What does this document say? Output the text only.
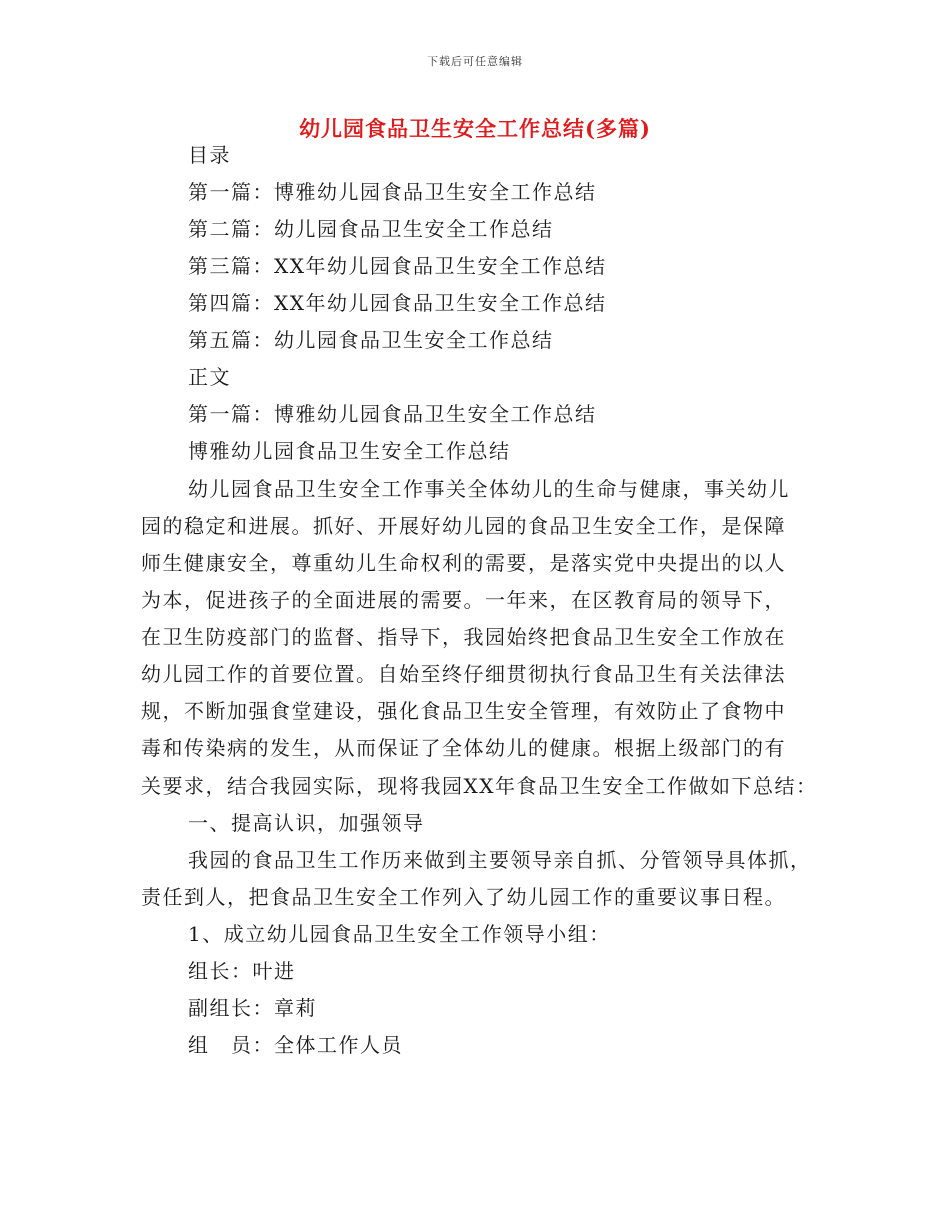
下载后可任意编辑
幼儿园食品卫生安全工作总结(多篇)
目录
第一篇：博雅幼儿园食品卫生安全工作总结
第二篇：幼儿园食品卫生安全工作总结
第三篇：XX年幼儿园食品卫生安全工作总结
第四篇：XX年幼儿园食品卫生安全工作总结
第五篇：幼儿园食品卫生安全工作总结
正文
第一篇：博雅幼儿园食品卫生安全工作总结
博雅幼儿园食品卫生安全工作总结
幼儿园食品卫生安全工作事关全体幼儿的生命与健康，事关幼儿
园的稳定和进展。抓好、开展好幼儿园的食品卫生安全工作，是保障
师生健康安全，尊重幼儿生命权利的需要，是落实党中央提出的以人
为本，促进孩子的全面进展的需要。一年来，在区教育局的领导下，
在卫生防疫部门的监督、指导下，我园始终把食品卫生安全工作放在
幼儿园工作的首要位置。自始至终仔细贯彻执行食品卫生有关法律法
规，不断加强食堂建设，强化食品卫生安全管理，有效防止了食物中
毒和传染病的发生，从而保证了全体幼儿的健康。根据上级部门的有
关要求，结合我园实际，现将我园XX年食品卫生安全工作做如下总结：
一、提高认识，加强领导
我园的食品卫生工作历来做到主要领导亲自抓、分管领导具体抓，
责任到人，把食品卫生安全工作列入了幼儿园工作的重要议事日程。
1、成立幼儿园食品卫生安全工作领导小组：
组长：叶进
副组长：章莉
组　员：全体工作人员
